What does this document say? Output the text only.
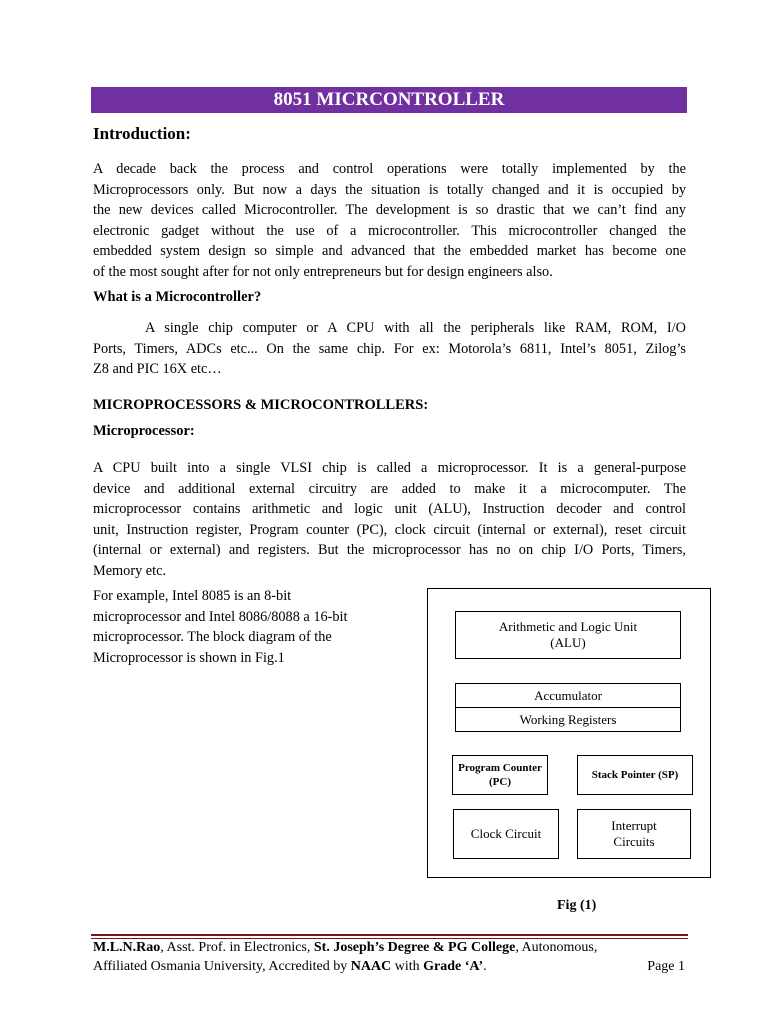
8051 MICRCONTROLLER
Introduction:

A decade back the process and control operations were totally implemented by the
Microprocessors only. But now a days the situation is totally changed and it is occupied by
the new devices called Microcontroller. The development is so drastic that we can’t find any
electronic gadget without the use of a microcontroller. This microcontroller changed the
embedded system design so simple and advanced that the embedded market has become one
of the most sought after for not only entrepreneurs but for design engineers also.

What is a Microcontroller?

A single chip computer or A CPU with all the peripherals like RAM, ROM, I/O
Ports, Timers, ADCs etc... On the same chip. For ex: Motorola’s 6811, Intel’s 8051, Zilog’s
Z8 and PIC 16X etc…

MICROPROCESSORS & MICROCONTROLLERS:
Microprocessor:

A CPU built into a single VLSI chip is called a microprocessor. It is a general-purpose
device and additional external circuitry are added to make it a microcomputer. The
microprocessor contains arithmetic and logic unit (ALU), Instruction decoder and control
unit, Instruction register, Program counter (PC), clock circuit (internal or external), reset circuit
(internal or external) and registers. But the microprocessor has no on chip I/O Ports, Timers,
Memory etc.

For example, Intel 8085 is an 8-bit
microprocessor and Intel 8086/8088 a 16-bit
microprocessor. The block diagram of the
Microprocessor is shown in Fig.1

Arithmetic and Logic Unit
(ALU)
Accumulator
Working Registers
Program Counter
(PC)
Stack Pointer (SP)
Clock Circuit
Interrupt
Circuits
Fig (1)
M.L.N.Rao, Asst. Prof. in Electronics, St. Joseph’s Degree & PG College, Autonomous,
Affiliated Osmania University, Accredited by NAAC with Grade ‘A’.	Page 1
